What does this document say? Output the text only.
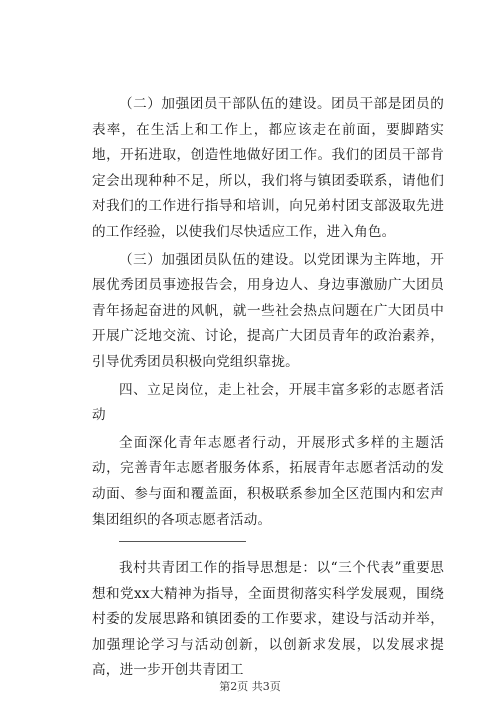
（二）加强团员干部队伍的建设。团员干部是团员的表率，在生活上和工作上，都应该走在前面，要脚踏实地，开拓进取，创造性地做好团工作。我们的团员干部肯定会出现种种不足，所以，我们将与镇团委联系，请他们对我们的工作进行指导和培训，向兄弟村团支部汲取先进的工作经验，以使我们尽快适应工作，进入角色。

（三）加强团员队伍的建设。以党团课为主阵地，开展优秀团员事迹报告会，用身边人、身边事激励广大团员青年扬起奋进的风帆，就一些社会热点问题在广大团员中开展广泛地交流、讨论，提高广大团员青年的政治素养，引导优秀团员积极向党组织靠拢。

四、立足岗位，走上社会，开展丰富多彩的志愿者活动

全面深化青年志愿者行动，开展形式多样的主题活动，完善青年志愿者服务体系，拓展青年志愿者活动的发动面、参与面和覆盖面，积极联系参加全区范围内和宏声集团组织的各项志愿者活动。

我村共青团工作的指导思想是：以“三个代表”重要思想和党xx大精神为指导，全面贯彻落实科学发展观，围绕村委的发展思路和镇团委的工作要求，建设与活动并举，加强理论学习与活动创新，以创新求发展，以发展求提高，进一步开创共青团工

第2页 共3页
